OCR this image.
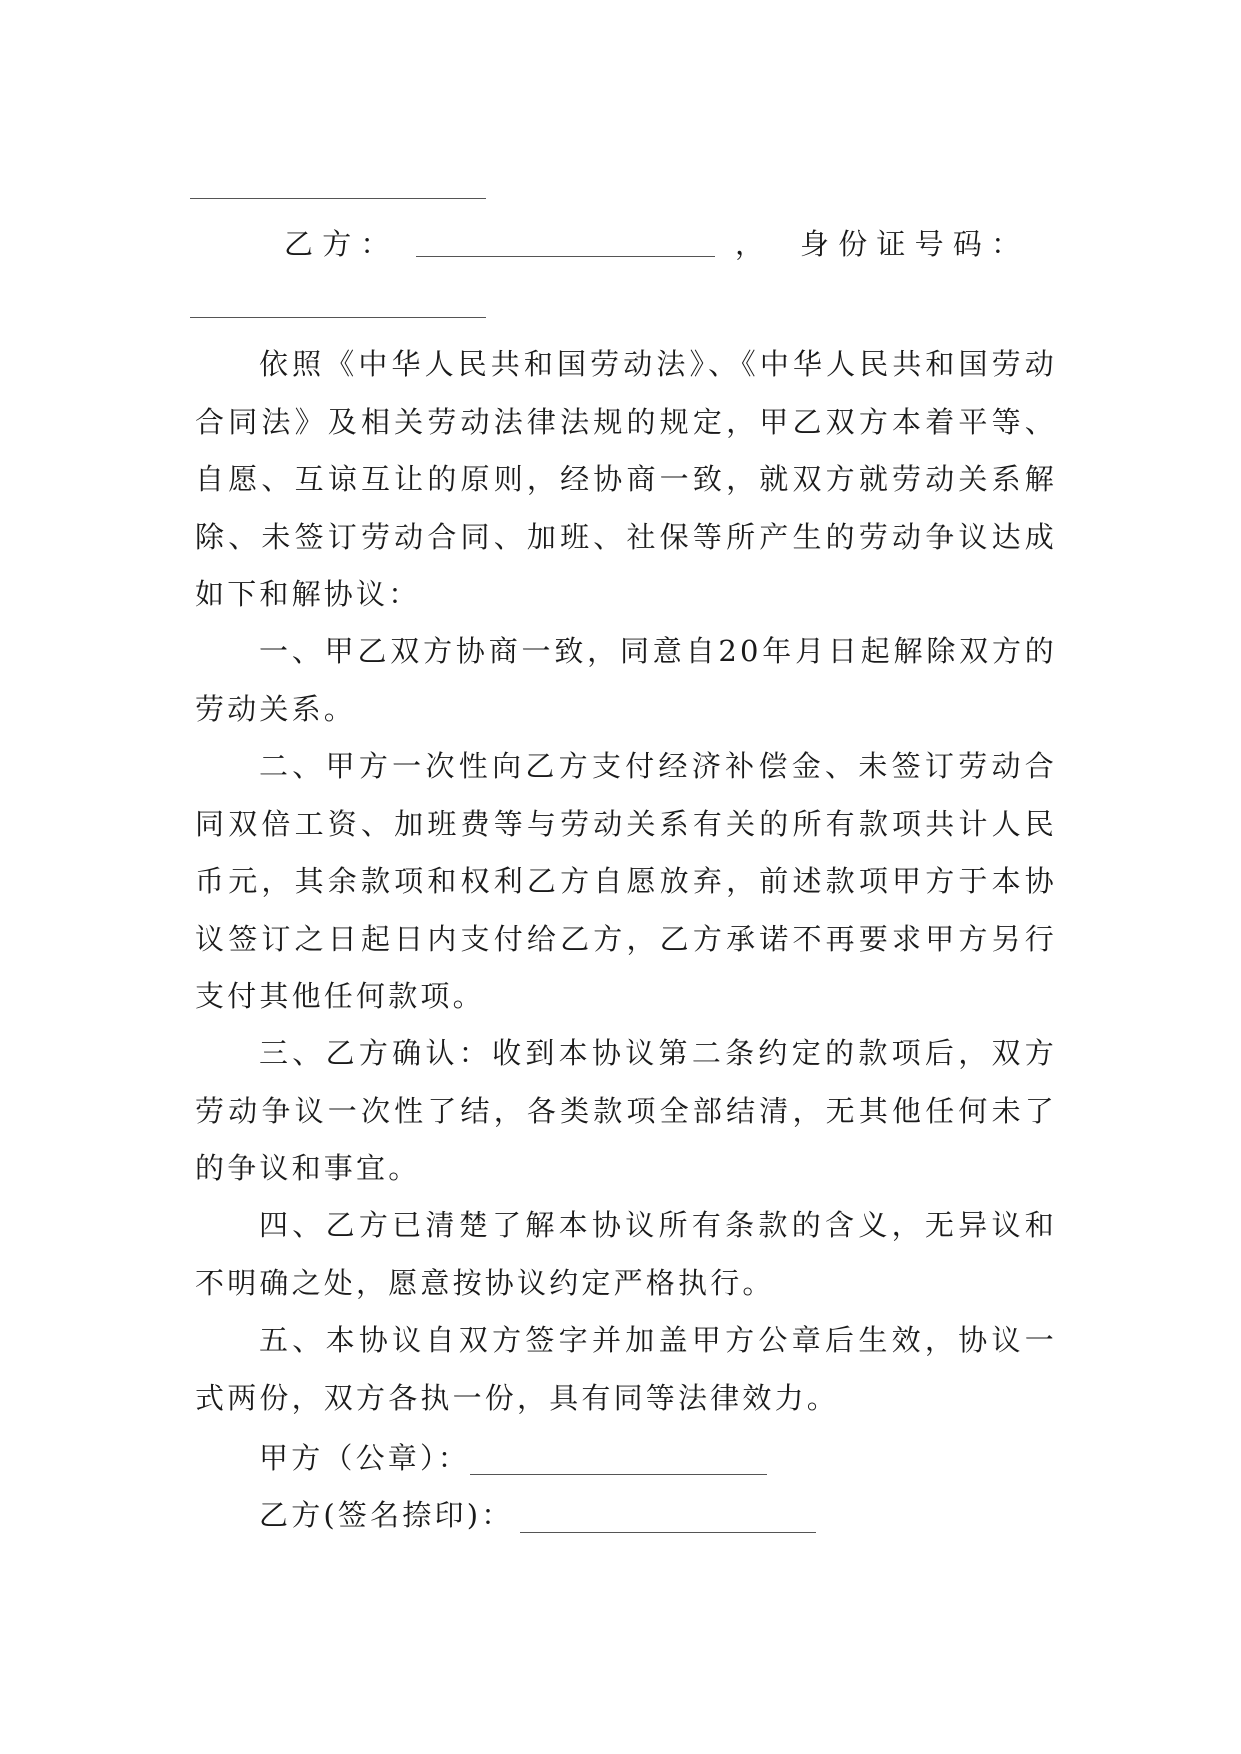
乙 方 ：	， 身 份 证 号 码 ：

依照《中华人民共和国劳动法》、《中华人民共和国劳动合同法》及相关劳动法律法规的规定，甲乙双方本着平等、自愿、互谅互让的原则，经协商一致，就双方就劳动关系解除、未签订劳动合同、加班、社保等所产生的劳动争议达成如下和解协议：

一、甲乙双方协商一致，同意自20年月日起解除双方的劳动关系。

二、甲方一次性向乙方支付经济补偿金、未签订劳动合同双倍工资、加班费等与劳动关系有关的所有款项共计人民币元，其余款项和权利乙方自愿放弃，前述款项甲方于本协议签订之日起日内支付给乙方，乙方承诺不再要求甲方另行支付其他任何款项。

三、乙方确认：收到本协议第二条约定的款项后，双方劳动争议一次性了结，各类款项全部结清，无其他任何未了的争议和事宜。

四、乙方已清楚了解本协议所有条款的含义，无异议和不明确之处，愿意按协议约定严格执行。

五、本协议自双方签字并加盖甲方公章后生效，协议一式两份，双方各执一份，具有同等法律效力。

甲方（公章）：
乙方(签名捺印)：
